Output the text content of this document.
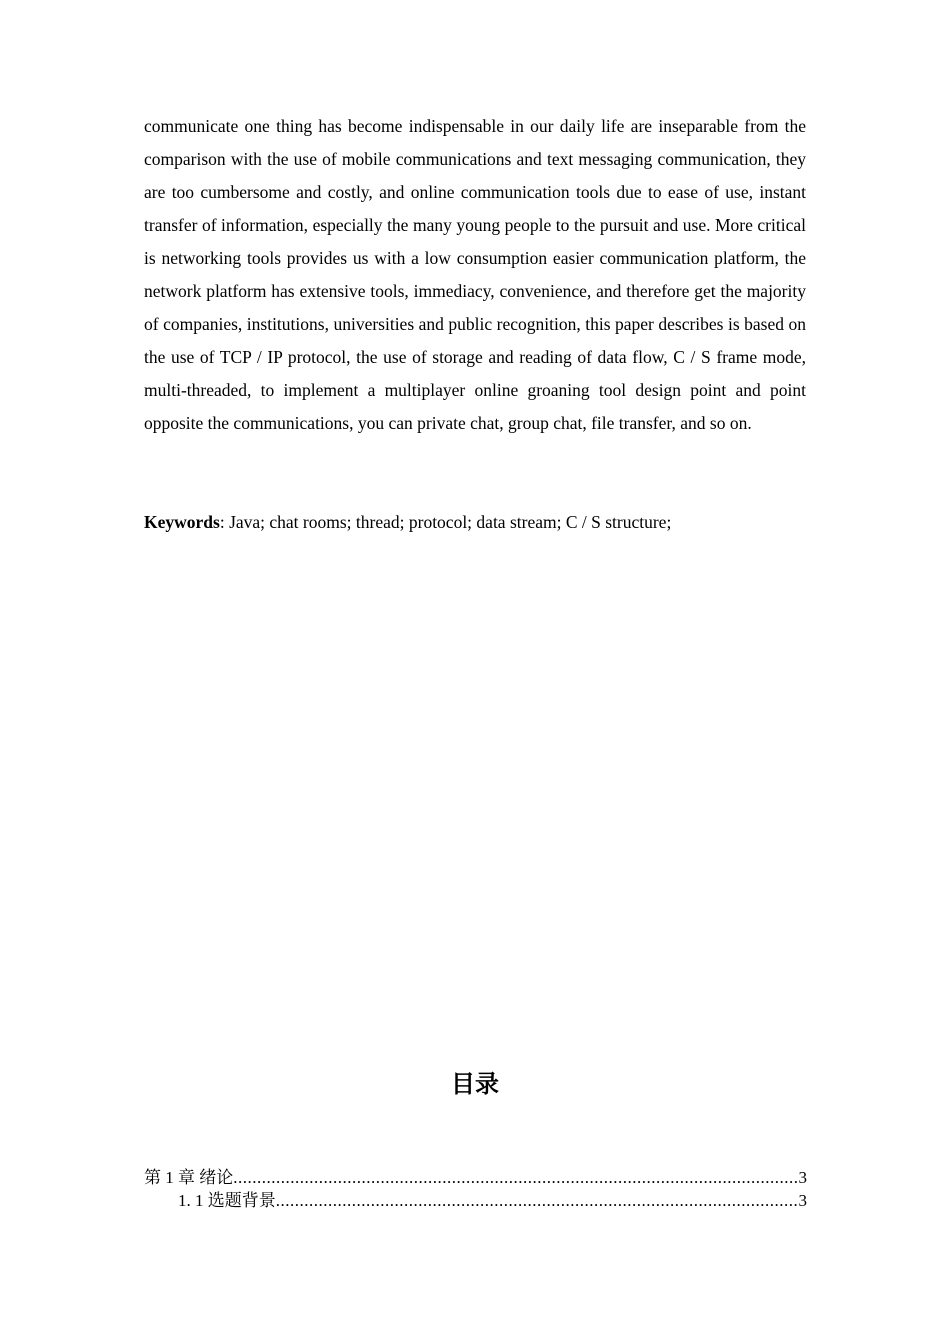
communicate one thing has become indispensable in our daily life are inseparable from the comparison with the use of mobile communications and text messaging communication, they are too cumbersome and costly, and online communication tools due to ease of use, instant transfer of information, especially the many young people to the pursuit and use. More critical is networking tools provides us with a low consumption easier communication platform, the network platform has extensive tools, immediacy, convenience, and therefore get the majority of companies, institutions, universities and public recognition, this paper describes is based on the use of TCP / IP protocol, the use of storage and reading of data flow, C / S frame mode, multi-threaded, to implement a multiplayer online groaning tool design point and point opposite the communications, you can private chat, group chat, file transfer, and so on.

Keywords: Java; chat rooms; thread; protocol; data stream; C / S structure;
目录
第 1 章 绪论 .....	3
1. 1 选题背景 .....	3
